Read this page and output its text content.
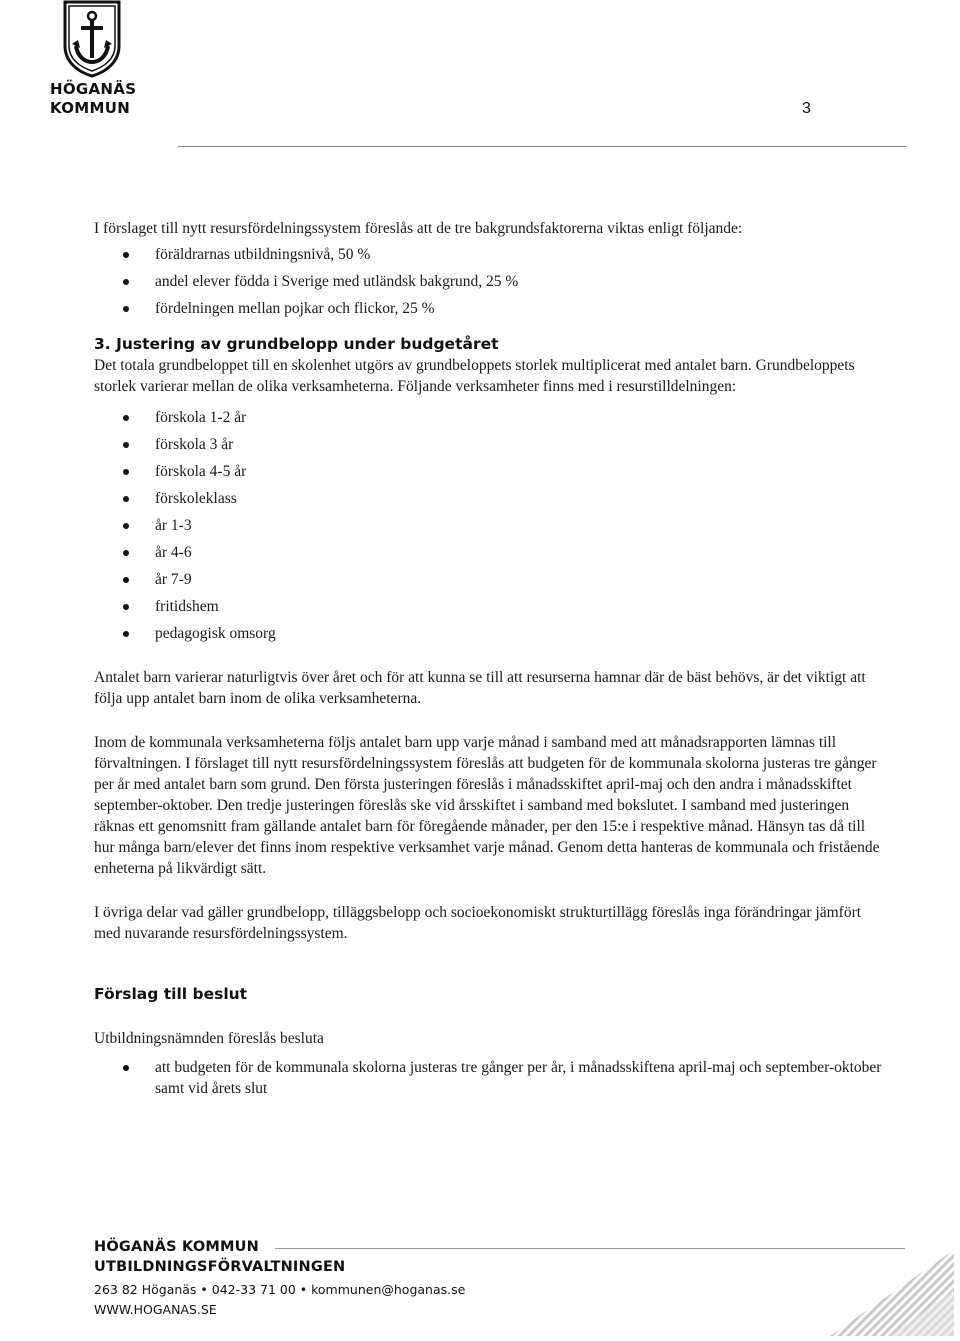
HÖGANÄS
KOMMUN	3

I förslaget till nytt resursfördelningssystem föreslås att de tre bakgrundsfaktorerna viktas enligt följande:

föräldrarnas utbildningsnivå, 50 %
andel elever födda i Sverige med utländsk bakgrund, 25 %
fördelningen mellan pojkar och flickor, 25 %

3. Justering av grundbelopp under budgetåret

Det totala grundbeloppet till en skolenhet utgörs av grundbeloppets storlek multiplicerat med antalet barn. Grundbeloppets storlek varierar mellan de olika verksamheterna. Följande verksamheter finns med i resurstilldelningen:

förskola 1-2 år
förskola 3 år
förskola 4-5 år
förskoleklass
år 1-3
år 4-6
år 7-9
fritidshem
pedagogisk omsorg

Antalet barn varierar naturligtvis över året och för att kunna se till att resurserna hamnar där de bäst behövs, är det viktigt att följa upp antalet barn inom de olika verksamheterna.

Inom de kommunala verksamheterna följs antalet barn upp varje månad i samband med att månadsrapporten lämnas till förvaltningen. I förslaget till nytt resursfördelningssystem föreslås att budgeten för de kommunala skolorna justeras tre gånger per år med antalet barn som grund. Den första justeringen föreslås i månadsskiftet april-maj och den andra i månadsskiftet september-oktober. Den tredje justeringen föreslås ske vid årsskiftet i samband med bokslutet. I samband med justeringen räknas ett genomsnitt fram gällande antalet barn för föregående månader, per den 15:e i respektive månad. Hänsyn tas då till hur många barn/elever det finns inom respektive verksamhet varje månad. Genom detta hanteras de kommunala och fristående enheterna på likvärdigt sätt.

I övriga delar vad gäller grundbelopp, tilläggsbelopp och socioekonomiskt strukturtillägg föreslås inga förändringar jämfört med nuvarande resursfördelningssystem.

Förslag till beslut

Utbildningsnämnden föreslås besluta

att budgeten för de kommunala skolorna justeras tre gånger per år, i månadsskiftena april-maj och september-oktober samt vid årets slut
HÖGANÄS KOMMUN
UTBILDNINGSFÖRVALTNINGEN
263 82 Höganäs • 042-33 71 00 • kommunen@hoganas.se
WWW.HOGANAS.SE
